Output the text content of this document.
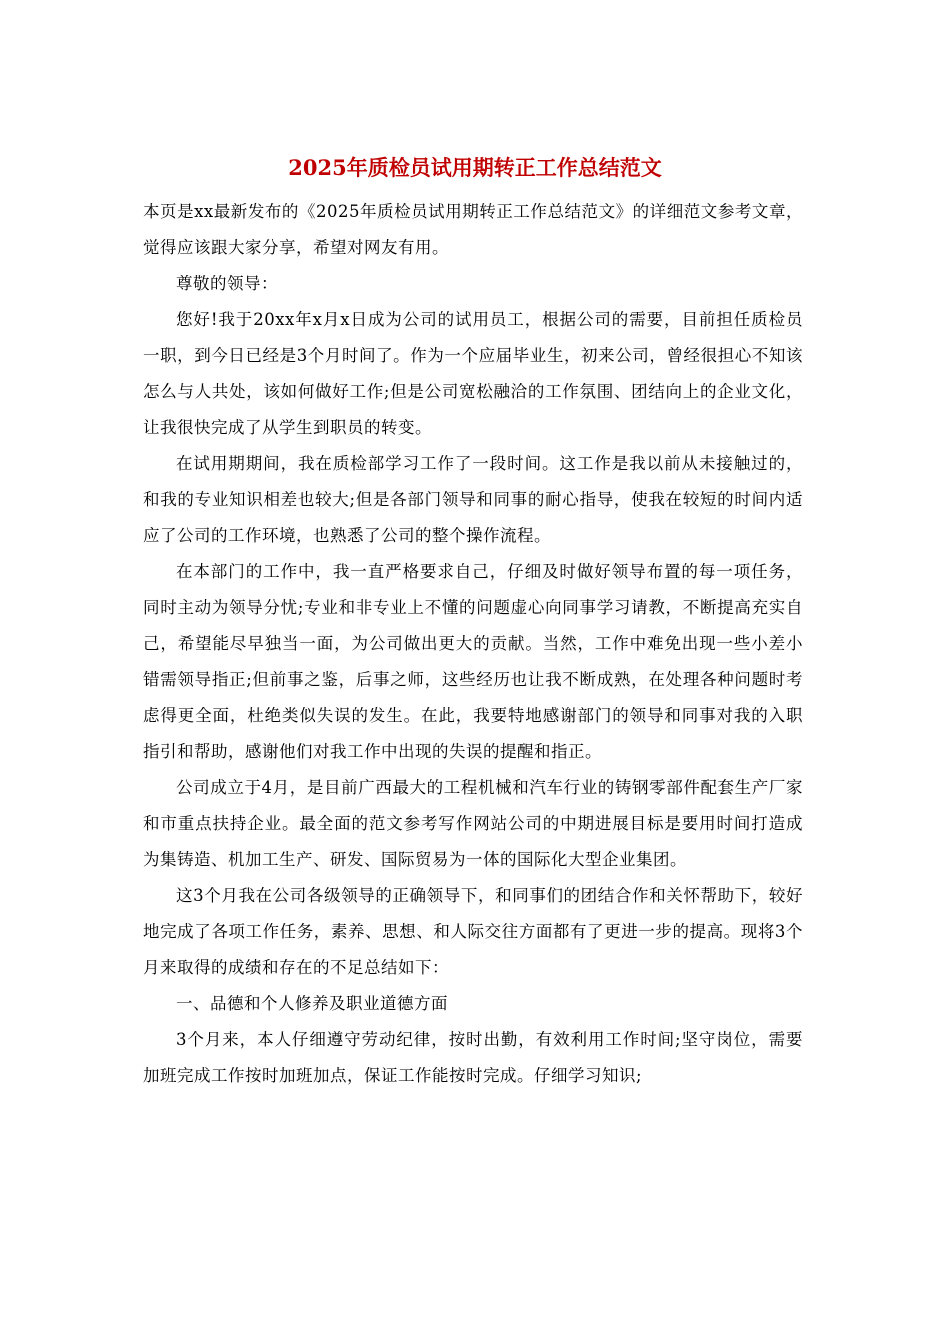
2025年质检员试用期转正工作总结范文

本页是xx最新发布的《2025年质检员试用期转正工作总结范文》的详细范文参考文章，觉得应该跟大家分享，希望对网友有用。

尊敬的领导：

您好!我于20xx年x月x日成为公司的试用员工，根据公司的需要，目前担任质检员一职，到今日已经是3个月时间了。作为一个应届毕业生，初来公司，曾经很担心不知该怎么与人共处，该如何做好工作;但是公司宽松融洽的工作氛围、团结向上的企业文化，让我很快完成了从学生到职员的转变。

在试用期期间，我在质检部学习工作了一段时间。这工作是我以前从未接触过的，和我的专业知识相差也较大;但是各部门领导和同事的耐心指导，使我在较短的时间内适应了公司的工作环境，也熟悉了公司的整个操作流程。

在本部门的工作中，我一直严格要求自己，仔细及时做好领导布置的每一项任务，同时主动为领导分忧;专业和非专业上不懂的问题虚心向同事学习请教，不断提高充实自己，希望能尽早独当一面，为公司做出更大的贡献。当然，工作中难免出现一些小差小错需领导指正;但前事之鉴，后事之师，这些经历也让我不断成熟，在处理各种问题时考虑得更全面，杜绝类似失误的发生。在此，我要特地感谢部门的领导和同事对我的入职指引和帮助，感谢他们对我工作中出现的失误的提醒和指正。

公司成立于4月，是目前广西最大的工程机械和汽车行业的铸钢零部件配套生产厂家和市重点扶持企业。最全面的范文参考写作网站公司的中期进展目标是要用时间打造成为集铸造、机加工生产、研发、国际贸易为一体的国际化大型企业集团。

这3个月我在公司各级领导的正确领导下，和同事们的团结合作和关怀帮助下，较好地完成了各项工作任务，素养、思想、和人际交往方面都有了更进一步的提高。现将3个月来取得的成绩和存在的不足总结如下：

一、品德和个人修养及职业道德方面

3个月来，本人仔细遵守劳动纪律，按时出勤，有效利用工作时间;坚守岗位，需要加班完成工作按时加班加点，保证工作能按时完成。仔细学习知识;
